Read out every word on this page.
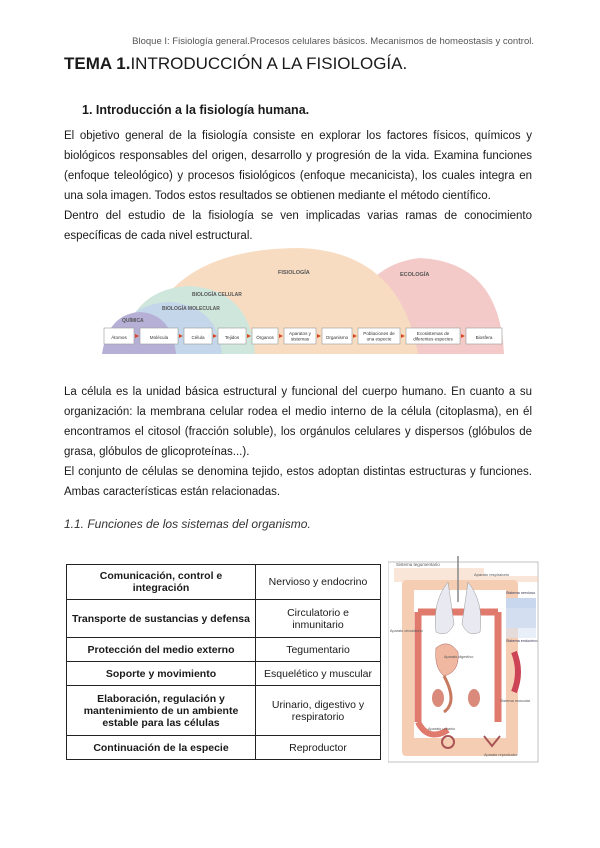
Bloque I: Fisiología general.Procesos celulares básicos. Mecanismos de homeostasis y control.
TEMA 1.INTRODUCCIÓN A LA FISIOLOGÍA.
1. Introducción a la fisiología humana.

El objetivo general de la fisiología consiste en explorar los factores físicos, químicos y biológicos responsables del origen, desarrollo y progresión de la vida. Examina funciones (enfoque teleológico) y procesos fisiológicos (enfoque mecanicista), los cuales integra en una sola imagen. Todos estos resultados se obtienen mediante el método científico.

Dentro del estudio de la fisiología se ven implicadas varias ramas de conocimiento específicas de cada nivel estructural.

FISIOLOGÍA	ECOLOGÍA
BIOLOGÍA CELULAR
BIOLOGÍA MOLECULAR
QUÍMICA
Átomos	Molécula	Célula	Tejidos	Órganos
Aparatos y
sistemas	Organismo
Poblaciones de
una especie
Ecosistemas de
diferentes especies	Biosfera

La célula es la unidad básica estructural y funcional del cuerpo humano. En cuanto a su organización: la membrana celular rodea el medio interno de la célula (citoplasma), en él encontramos el citosol (fracción soluble), los orgánulos celulares y dispersos (glóbulos de grasa, glóbulos de glicoproteínas...).

El conjunto de células se denomina tejido, estos adoptan distintas estructuras y funciones. Ambas características están relacionadas.

1.1. Funciones de los sistemas del organismo.
Comunicación, control e integración	Nervioso y endocrino
Transporte de sustancias y defensa	Circulatorio e inmunitario
Protección del medio externo	Tegumentario
Soporte y movimiento	Esquelético y muscular
Elaboración, regulación y mantenimiento de un ambiente estable para las células	Urinario, digestivo y respiratorio
Continuación de la especie	Reproductor
Sistema tegumentario
Aparato respiratorio
Sistema nervioso
Sistema endocrino
Aparato circulatorio
Aparato digestivo
Sistema muscular
Aparato urinario
Aparato reproductor
